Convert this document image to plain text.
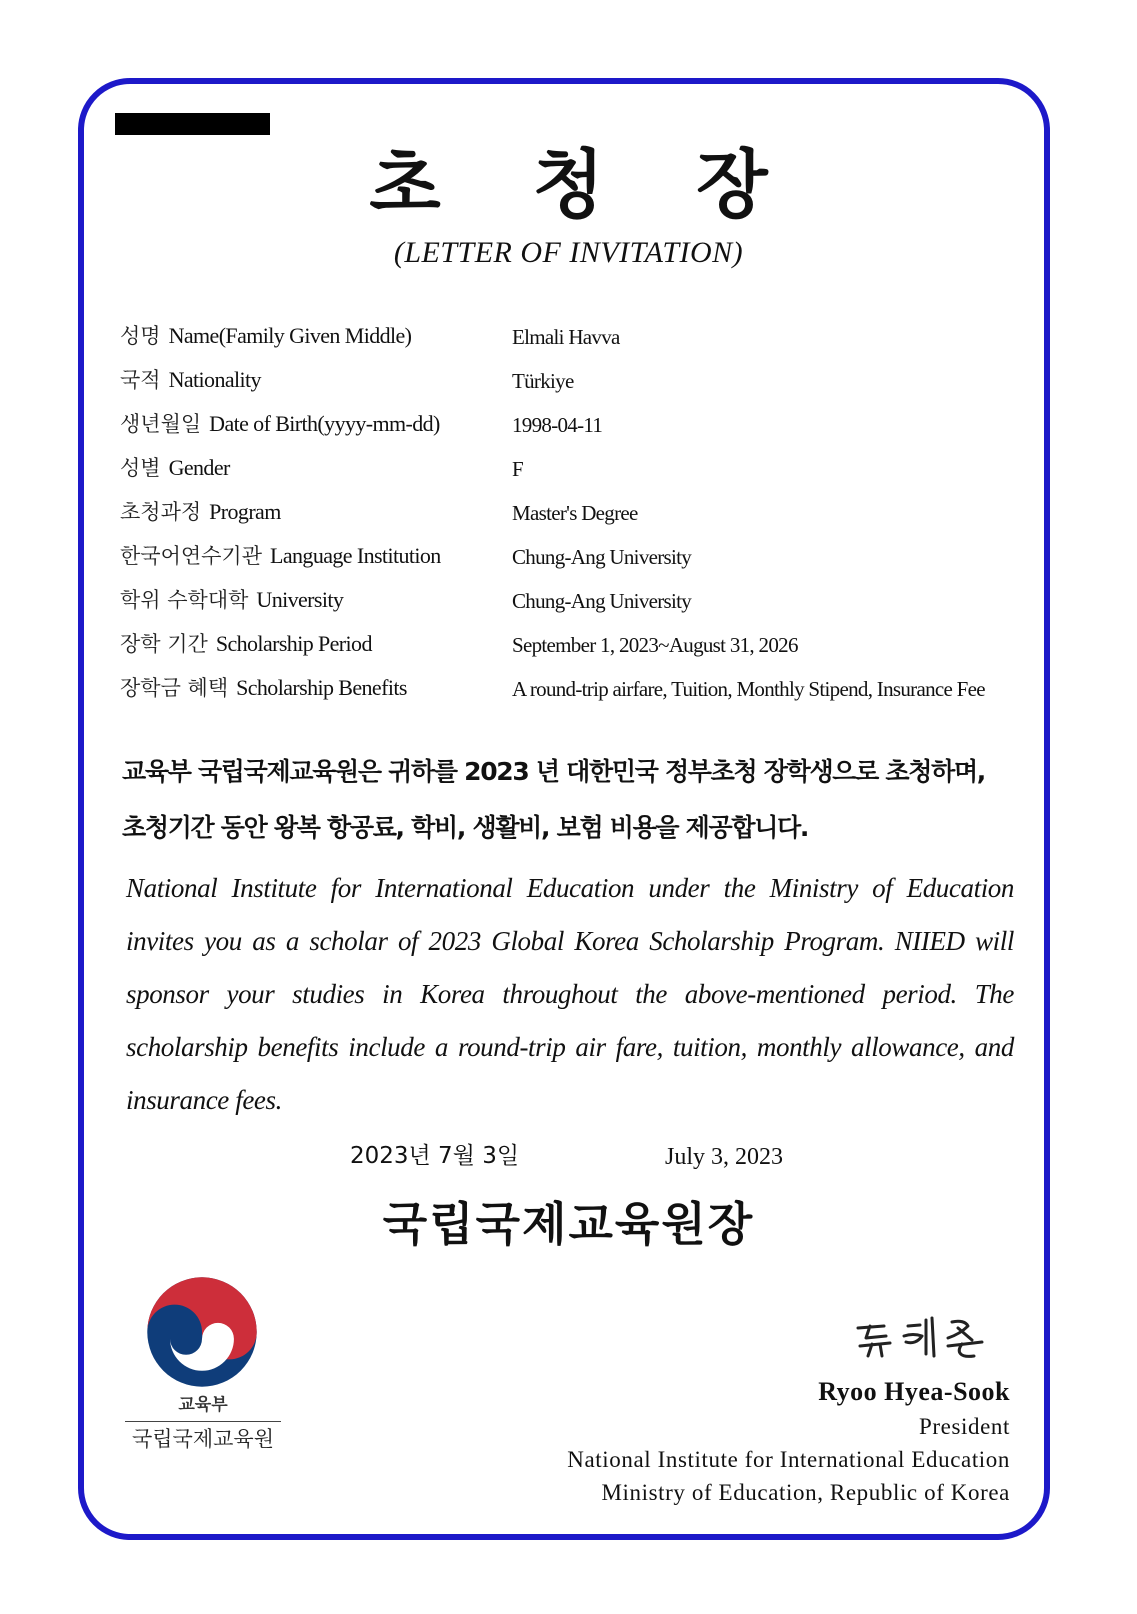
초청장
(LETTER OF INVITATION)
성명 Name(Family Given Middle)	Elmali Havva
국적 Nationality	Türkiye
생년월일 Date of Birth(yyyy-mm-dd)	1998-04-11
성별 Gender	F
초청과정 Program	Master's Degree
한국어연수기관 Language Institution	Chung-Ang University
학위 수학대학 University	Chung-Ang University
장학 기간 Scholarship Period	September 1, 2023~August 31, 2026
장학금 혜택 Scholarship Benefits	A round-trip airfare, Tuition, Monthly Stipend, Insurance Fee
교육부 국립국제교육원은 귀하를 2023 년 대한민국 정부초청 장학생으로 초청하며,
초청기간 동안 왕복 항공료, 학비, 생활비, 보험 비용을 제공합니다.
National Institute for International Education under the Ministry of Education invites you as a scholar of 2023 Global Korea Scholarship Program. NIIED will sponsor your studies in Korea throughout the above-mentioned period. The scholarship benefits include a round-trip air fare, tuition, monthly allowance, and insurance fees.
2023년 7월 3일	July 3, 2023
국립국제교육원장
교육부
국립국제교육원
Ryoo Hyea-Sook
President
National Institute for International Education
Ministry of Education, Republic of Korea
